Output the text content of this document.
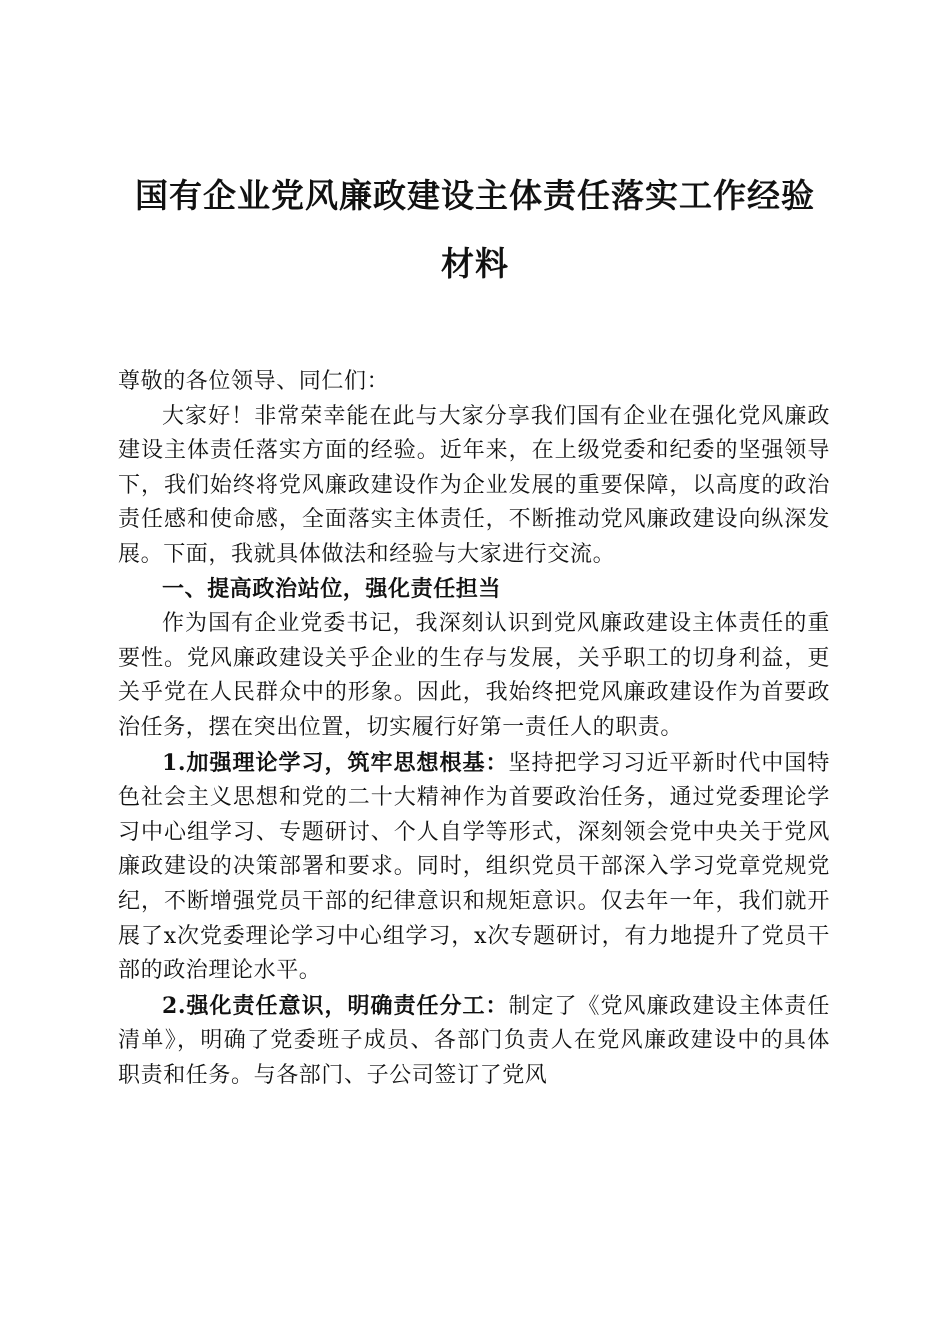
国有企业党风廉政建设主体责任落实工作经验
材料

尊敬的各位领导、同仁们：

大家好！非常荣幸能在此与大家分享我们国有企业在强化党风廉政建设主体责任落实方面的经验。近年来，在上级党委和纪委的坚强领导下，我们始终将党风廉政建设作为企业发展的重要保障，以高度的政治责任感和使命感，全面落实主体责任，不断推动党风廉政建设向纵深发展。下面，我就具体做法和经验与大家进行交流。

一、提高政治站位，强化责任担当

作为国有企业党委书记，我深刻认识到党风廉政建设主体责任的重要性。党风廉政建设关乎企业的生存与发展，关乎职工的切身利益，更关乎党在人民群众中的形象。因此，我始终把党风廉政建设作为首要政治任务，摆在突出位置，切实履行好第一责任人的职责。

1.加强理论学习，筑牢思想根基：坚持把学习习近平新时代中国特色社会主义思想和党的二十大精神作为首要政治任务，通过党委理论学习中心组学习、专题研讨、个人自学等形式，深刻领会党中央关于党风廉政建设的决策部署和要求。同时，组织党员干部深入学习党章党规党纪，不断增强党员干部的纪律意识和规矩意识。仅去年一年，我们就开展了x次党委理论学习中心组学习，x次专题研讨，有力地提升了党员干部的政治理论水平。

2.强化责任意识，明确责任分工：制定了《党风廉政建设主体责任清单》，明确了党委班子成员、各部门负责人在党风廉政建设中的具体职责和任务。与各部门、子公司签订了党风
